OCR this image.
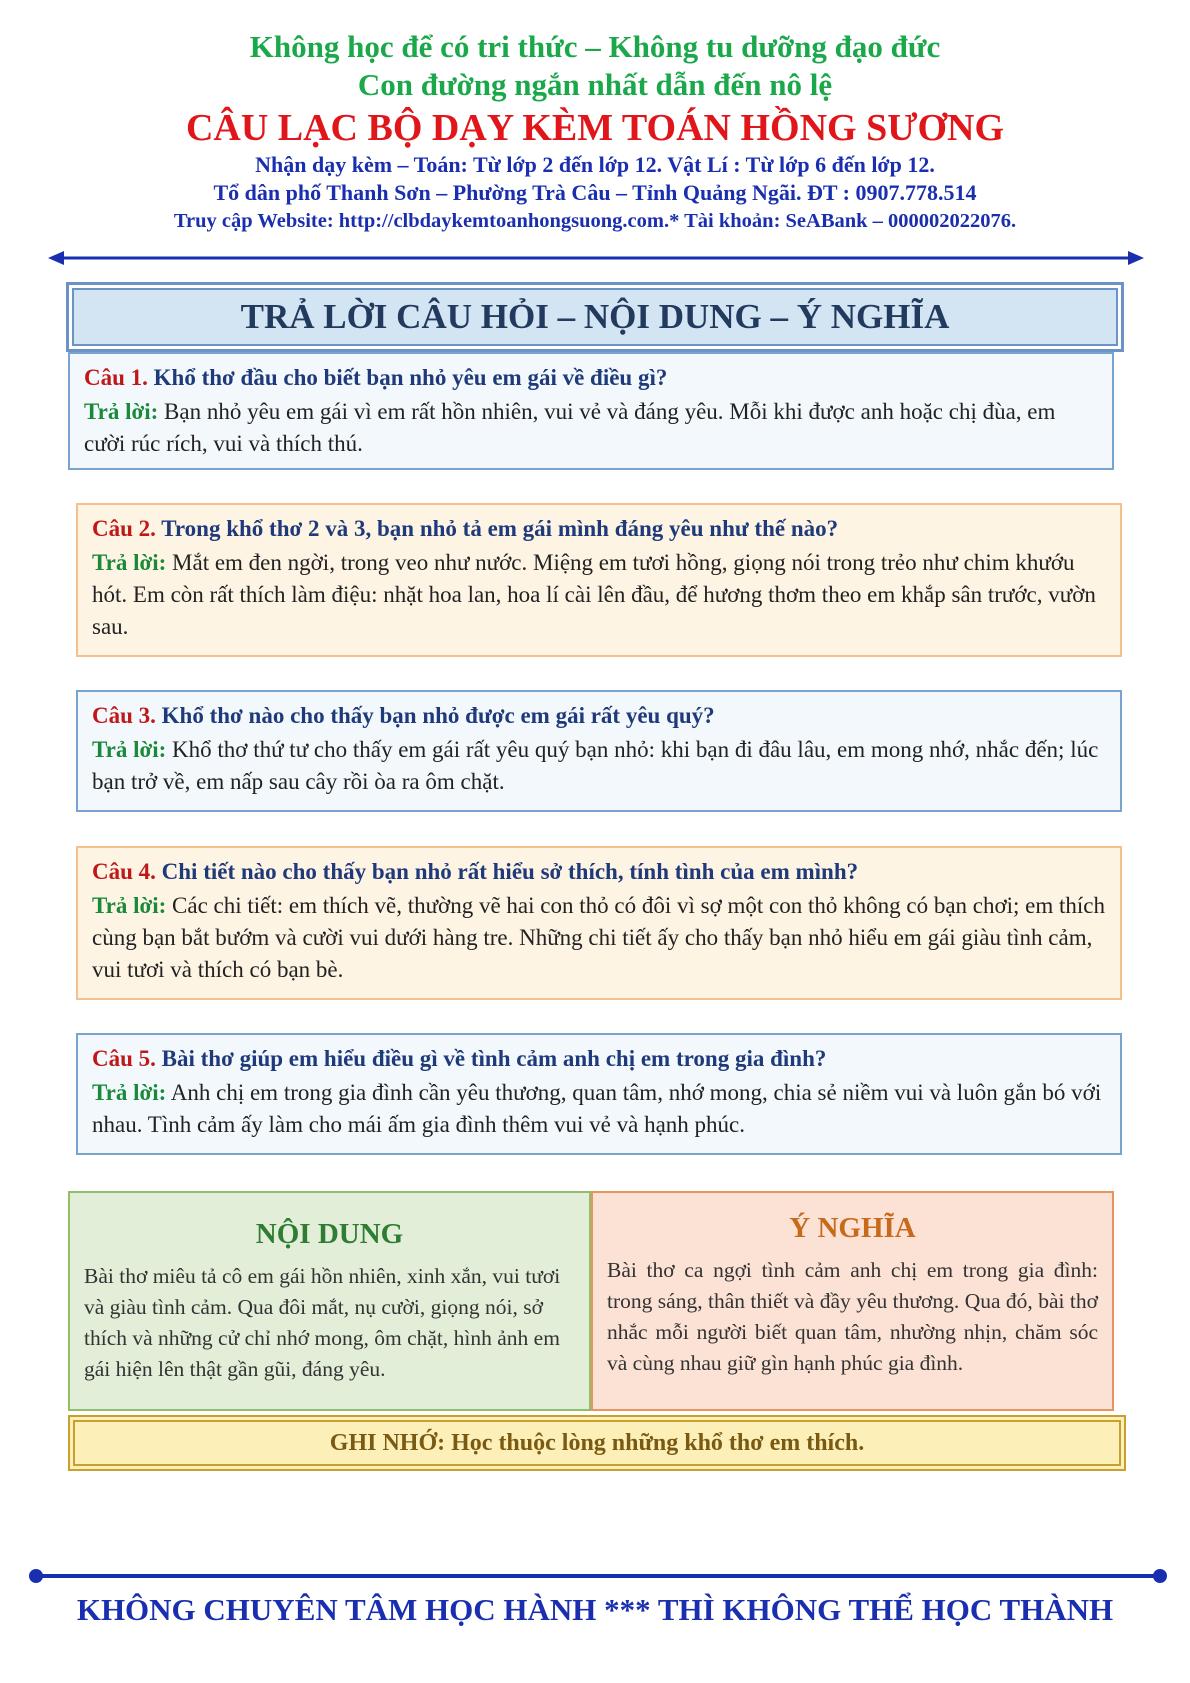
Không học để có tri thức – Không tu dưỡng đạo đức
Con đường ngắn nhất dẫn đến nô lệ
CÂU LẠC BỘ DẠY KÈM TOÁN HỒNG SƯƠNG
Nhận dạy kèm – Toán: Từ lớp 2 đến lớp 12. Vật Lí : Từ lớp 6 đến lớp 12.
Tổ dân phố Thanh Sơn – Phường Trà Câu – Tỉnh Quảng Ngãi. ĐT : 0907.778.514
Truy cập Website: http://clbdaykemtoanhongsuong.com.* Tài khoản: SeABank – 000002022076.
TRẢ LỜI CÂU HỎI – NỘI DUNG – Ý NGHĨA
Câu 1. Khổ thơ đầu cho biết bạn nhỏ yêu em gái về điều gì?
Trả lời: Bạn nhỏ yêu em gái vì em rất hồn nhiên, vui vẻ và đáng yêu. Mỗi khi được anh hoặc chị đùa, em cười rúc rích, vui và thích thú.
Câu 2. Trong khổ thơ 2 và 3, bạn nhỏ tả em gái mình đáng yêu như thế nào?
Trả lời: Mắt em đen ngời, trong veo như nước. Miệng em tươi hồng, giọng nói trong trẻo như chim khướu hót. Em còn rất thích làm điệu: nhặt hoa lan, hoa lí cài lên đầu, để hương thơm theo em khắp sân trước, vườn sau.
Câu 3. Khổ thơ nào cho thấy bạn nhỏ được em gái rất yêu quý?
Trả lời: Khổ thơ thứ tư cho thấy em gái rất yêu quý bạn nhỏ: khi bạn đi đâu lâu, em mong nhớ, nhắc đến; lúc bạn trở về, em nấp sau cây rồi òa ra ôm chặt.
Câu 4. Chi tiết nào cho thấy bạn nhỏ rất hiểu sở thích, tính tình của em mình?
Trả lời: Các chi tiết: em thích vẽ, thường vẽ hai con thỏ có đôi vì sợ một con thỏ không có bạn chơi; em thích cùng bạn bắt bướm và cười vui dưới hàng tre. Những chi tiết ấy cho thấy bạn nhỏ hiểu em gái giàu tình cảm, vui tươi và thích có bạn bè.
Câu 5. Bài thơ giúp em hiểu điều gì về tình cảm anh chị em trong gia đình?
Trả lời: Anh chị em trong gia đình cần yêu thương, quan tâm, nhớ mong, chia sẻ niềm vui và luôn gắn bó với nhau. Tình cảm ấy làm cho mái ấm gia đình thêm vui vẻ và hạnh phúc.
NỘI DUNG

Bài thơ miêu tả cô em gái hồn nhiên, xinh xắn, vui tươi và giàu tình cảm. Qua đôi mắt, nụ cười, giọng nói, sở thích và những cử chỉ nhớ mong, ôm chặt, hình ảnh em gái hiện lên thật gần gũi, đáng yêu.

Ý NGHĨA

Bài thơ ca ngợi tình cảm anh chị em trong gia đình: trong sáng, thân thiết và đầy yêu thương. Qua đó, bài thơ nhắc mỗi người biết quan tâm, nhường nhịn, chăm sóc và cùng nhau giữ gìn hạnh phúc gia đình.

GHI NHỚ: Học thuộc lòng những khổ thơ em thích.
KHÔNG CHUYÊN TÂM HỌC HÀNH *** THÌ KHÔNG THỂ HỌC THÀNH
